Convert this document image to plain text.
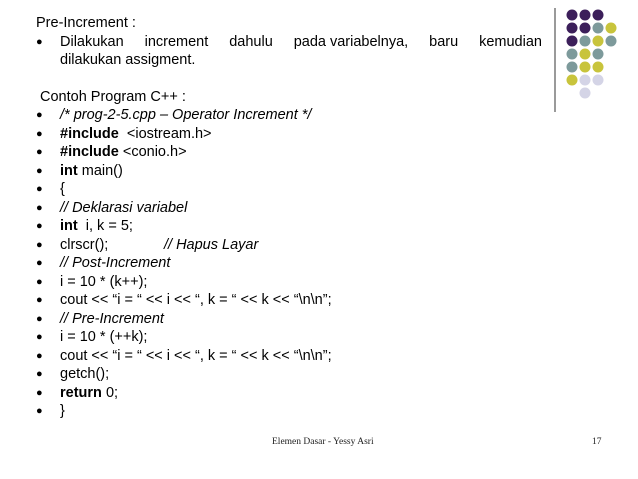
Pre-Increment :
● Dilakukan increment dahulu pada variabelnya, baru kemudian
dilakukan assigment.
Contoh Program C++ :
● /* prog-2-5.cpp – Operator Increment */
● #include <iostream.h>
● #include <conio.h>
● int main()
● {
● // Deklarasi variabel
● int i, k = 5;
● clrscr();	// Hapus Layar
● // Post-Increment
● i = 10 * (k++);
● cout << “i = “ << i << “, k = “ << k << “\n\n”;
● // Pre-Increment
● i = 10 * (++k);
● cout << “i = “ << i << “, k = “ << k << “\n\n”;
● getch();
● return 0;
● }
Elemen Dasar - Yessy Asri	17
